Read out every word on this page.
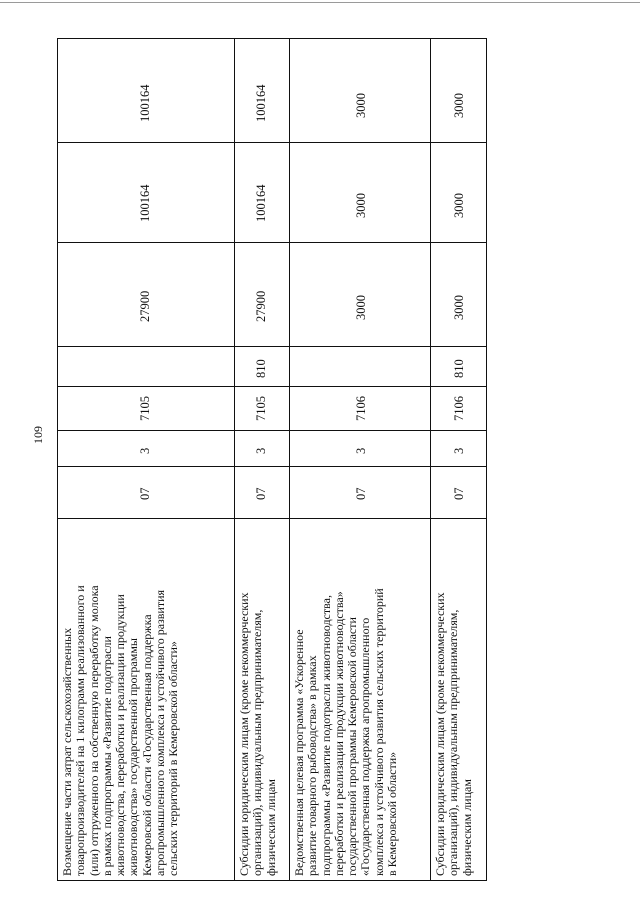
109
Возмещение части затрат сельскохозяйственных
товаропроизводителей на 1 килограмм реализованного и
(или) отгруженного на собственную переработку молока
в рамках подпрограммы «Развитие подотрасли
животноводства, переработки и реализации продукции
животноводства» государственной программы
Кемеровской области «Государственная поддержка
агропромышленного комплекса и устойчивого развития
сельских территорий в Кемеровской области»
07
3
7105
27900
100164
100164
Субсидии юридическим лицам (кроме некоммерческих
организаций), индивидуальным предпринимателям,
физическим лицам
07
3
7105
810
27900
100164
100164
Ведомственная целевая программа «Ускоренное
развитие товарного рыбоводства» в рамках
подпрограммы «Развитие подотрасли животноводства,
переработки и реализации продукции животноводства»
государственной программы Кемеровской области
«Государственная поддержка агропромышленного
комплекса и устойчивого развития сельских территорий
в Кемеровской области»
07
3
7106
3000
3000
3000
Субсидии юридическим лицам (кроме некоммерческих
организаций), индивидуальным предпринимателям,
физическим лицам
07
3
7106
810
3000
3000
3000
